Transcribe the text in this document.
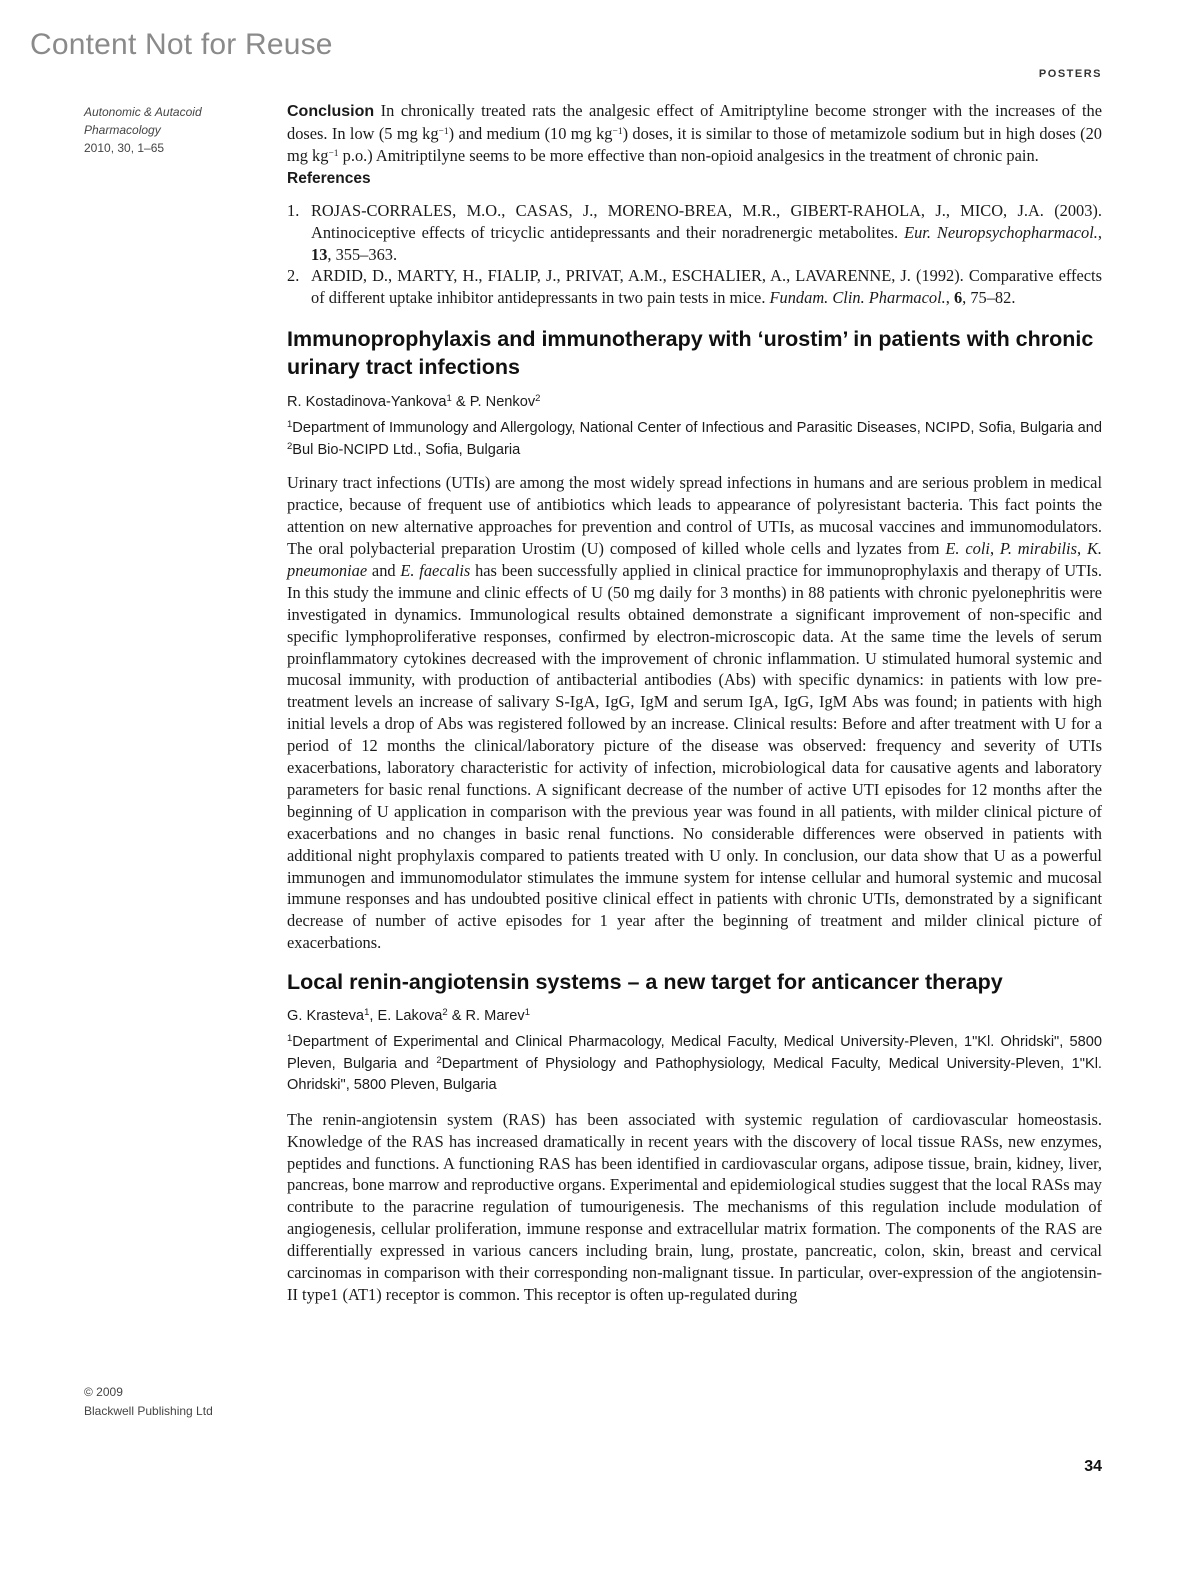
Content Not for Reuse
POSTERS
Autonomic & Autacoid
Pharmacology
2010, 30, 1–65
© 2009
Blackwell Publishing Ltd

Conclusion In chronically treated rats the analgesic effect of Amitriptyline become stronger with the increases of the doses. In low (5 mg $kg^{-1}$) and medium (10 mg $kg^{-1}$) doses, it is similar to those of metamizole sodium but in high doses (20 mg $kg^{-1}$ p.o.) Amitriptilyne seems to be more effective than non-opioid analgesics in the treatment of chronic pain.

References
1. ROJAS-CORRALES, M.O., CASAS, J., MORENO-BREA, M.R., GIBERT-RAHOLA, J., MICO, J.A. (2003). Antinociceptive effects of tricyclic antidepressants and their noradrenergic metabolites. Eur. Neuropsychopharmacol., 13, 355–363.
2. ARDID, D., MARTY, H., FIALIP, J., PRIVAT, A.M., ESCHALIER, A., LAVARENNE, J. (1992). Comparative effects of different uptake inhibitor antidepressants in two pain tests in mice. Fundam. Clin. Pharmacol., 6, 75–82.
Immunoprophylaxis and immunotherapy with ‘urostim’ in patients with chronic urinary tract infections
R. Kostadinova-Yankova$^1$ & P. Nenkov$^2$
$^1$Department of Immunology and Allergology, National Center of Infectious and Parasitic Diseases, NCIPD, Sofia, Bulgaria and $^2$Bul Bio-NCIPD Ltd., Sofia, Bulgaria

Urinary tract infections (UTIs) are among the most widely spread infections in humans and are serious problem in medical practice, because of frequent use of antibiotics which leads to appearance of polyresistant bacteria. This fact points the attention on new alternative approaches for prevention and control of UTIs, as mucosal vaccines and immunomodulators. The oral polybacterial preparation Urostim (U) composed of killed whole cells and lyzates from E. coli, P. mirabilis, K. pneumoniae and E. faecalis has been successfully applied in clinical practice for immunoprophylaxis and therapy of UTIs. In this study the immune and clinic effects of U (50 mg daily for 3 months) in 88 patients with chronic pyelonephritis were investigated in dynamics. Immunological results obtained demonstrate a significant improvement of non-specific and specific lymphoproliferative responses, confirmed by electron-microscopic data. At the same time the levels of serum proinflammatory cytokines decreased with the improvement of chronic inflammation. U stimulated humoral systemic and mucosal immunity, with production of antibacterial antibodies (Abs) with specific dynamics: in patients with low pre-treatment levels an increase of salivary S-IgA, IgG, IgM and serum IgA, IgG, IgM Abs was found; in patients with high initial levels a drop of Abs was registered followed by an increase. Clinical results: Before and after treatment with U for a period of 12 months the clinical/laboratory picture of the disease was observed: frequency and severity of UTIs exacerbations, laboratory characteristic for activity of infection, microbiological data for causative agents and laboratory parameters for basic renal functions. A significant decrease of the number of active UTI episodes for 12 months after the beginning of U application in comparison with the previous year was found in all patients, with milder clinical picture of exacerbations and no changes in basic renal functions. No considerable differences were observed in patients with additional night prophylaxis compared to patients treated with U only. In conclusion, our data show that U as a powerful immunogen and immunomodulator stimulates the immune system for intense cellular and humoral systemic and mucosal immune responses and has undoubted positive clinical effect in patients with chronic UTIs, demonstrated by a significant decrease of number of active episodes for 1 year after the beginning of treatment and milder clinical picture of exacerbations.

Local renin-angiotensin systems – a new target for anticancer therapy
G. Krasteva$^1$, E. Lakova$^2$ & R. Marev$^1$
$^1$Department of Experimental and Clinical Pharmacology, Medical Faculty, Medical University-Pleven, 1"Kl. Ohridski", 5800 Pleven, Bulgaria and $^2$Department of Physiology and Pathophysiology, Medical Faculty, Medical University-Pleven, 1"Kl. Ohridski", 5800 Pleven, Bulgaria

The renin-angiotensin system (RAS) has been associated with systemic regulation of cardiovascular homeostasis. Knowledge of the RAS has increased dramatically in recent years with the discovery of local tissue RASs, new enzymes, peptides and functions. A functioning RAS has been identified in cardiovascular organs, adipose tissue, brain, kidney, liver, pancreas, bone marrow and reproductive organs. Experimental and epidemiological studies suggest that the local RASs may contribute to the paracrine regulation of tumourigenesis. The mechanisms of this regulation include modulation of angiogenesis, cellular proliferation, immune response and extracellular matrix formation. The components of the RAS are differentially expressed in various cancers including brain, lung, prostate, pancreatic, colon, skin, breast and cervical carcinomas in comparison with their corresponding non-malignant tissue. In particular, over-expression of the angiotensin-II type1 (AT1) receptor is common. This receptor is often up-regulated during

34
